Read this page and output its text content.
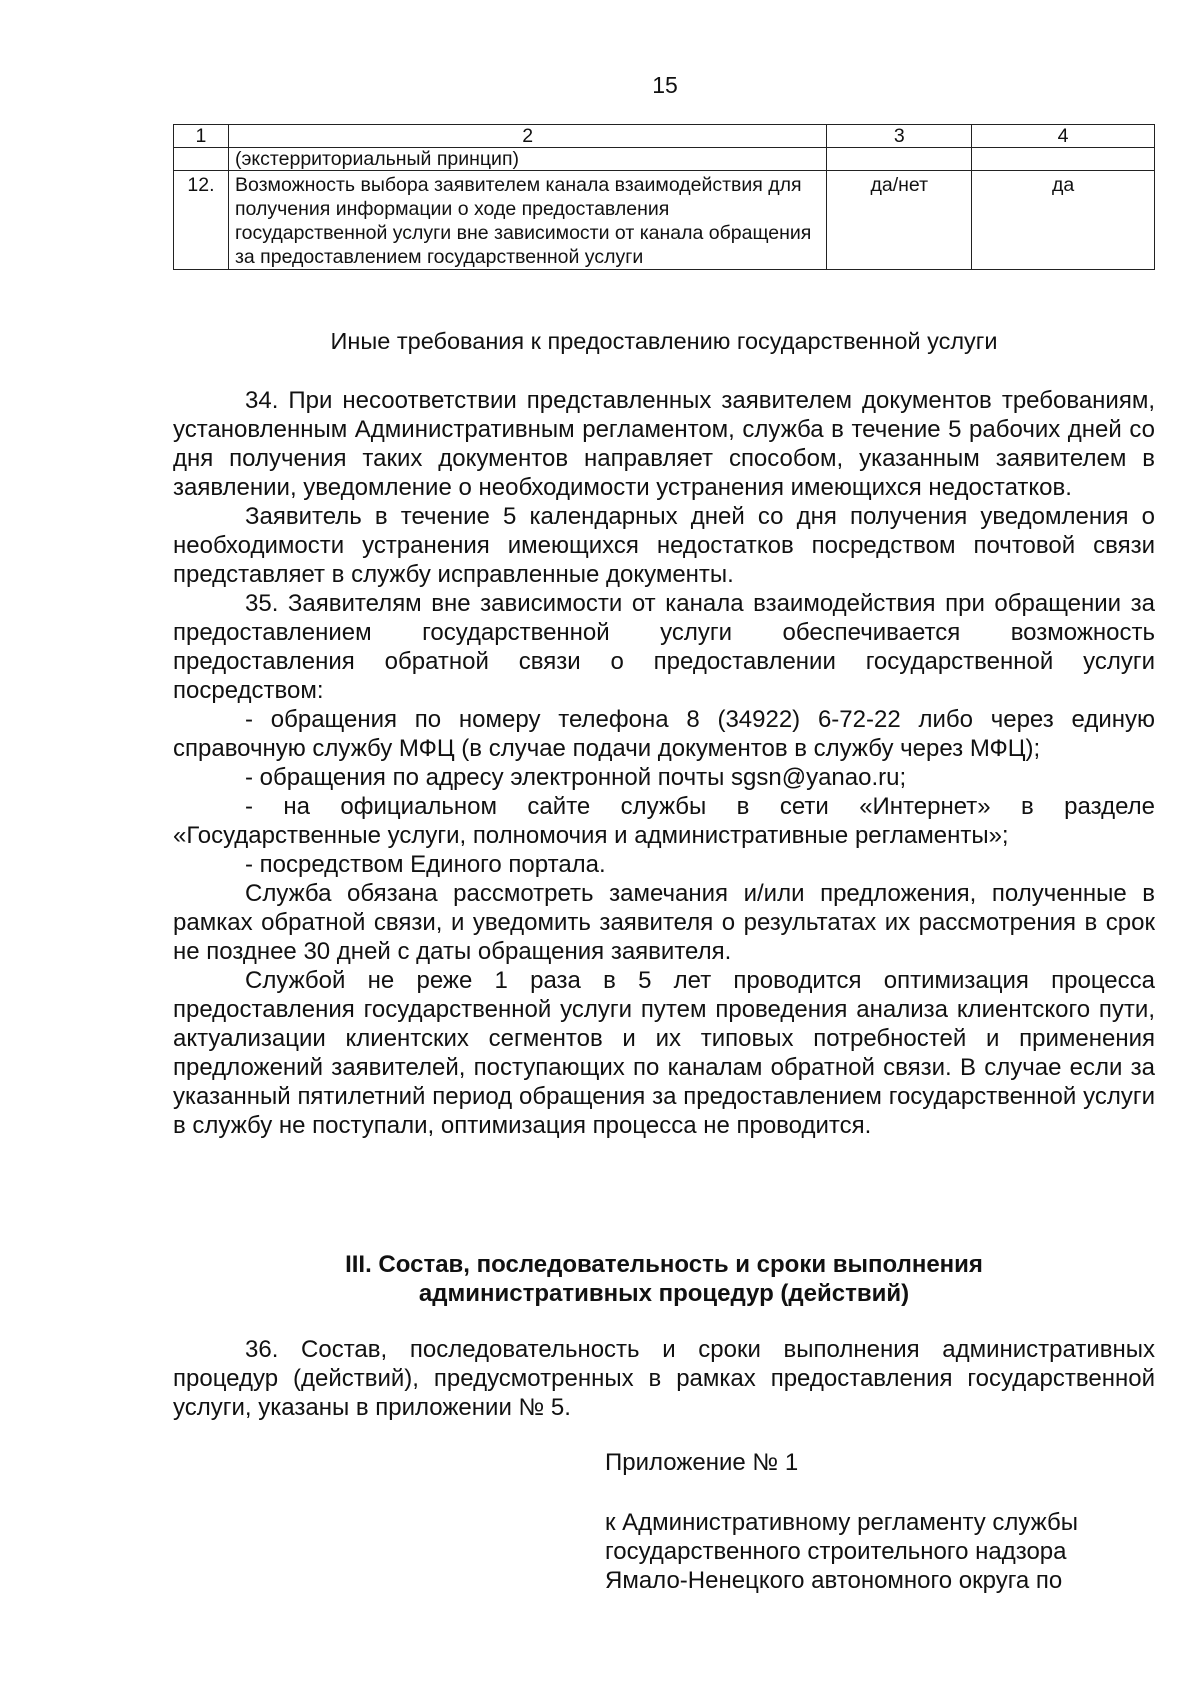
15
1	2	3	4
	(экстерриториальный принцип)		
12.	Возможность выбора заявителем канала взаимодействия для получения информации о ходе предоставления государственной услуги вне зависимости от канала обращения за предоставлением государственной услуги	да/нет	да
Иные требования к предоставлению государственной услуги

34. При несоответствии представленных заявителем документов требованиям, установленным Административным регламентом, служба в течение 5 рабочих дней со дня получения таких документов направляет способом, указанным заявителем в заявлении, уведомление о необходимости устранения имеющихся недостатков.

Заявитель в течение 5 календарных дней со дня получения уведомления о необходимости устранения имеющихся недостатков посредством почтовой связи представляет в службу исправленные документы.

35. Заявителям вне зависимости от канала взаимодействия при обращении за предоставлением государственной услуги обеспечивается возможность предоставления обратной связи о предоставлении государственной услуги посредством:

- обращения по номеру телефона 8 (34922) 6-72-22 либо через единую справочную службу МФЦ (в случае подачи документов в службу через МФЦ);

- обращения по адресу электронной почты sgsn@yanao.ru;

- на официальном сайте службы в сети «Интернет» в разделе «Государственные услуги, полномочия и административные регламенты»;

- посредством Единого портала.

Служба обязана рассмотреть замечания и/или предложения, полученные в рамках обратной связи, и уведомить заявителя о результатах их рассмотрения в срок не позднее 30 дней с даты обращения заявителя.

Службой не реже 1 раза в 5 лет проводится оптимизация процесса предоставления государственной услуги путем проведения анализа клиентского пути, актуализации клиентских сегментов и их типовых потребностей и применения предложений заявителей, поступающих по каналам обратной связи. В случае если за указанный пятилетний период обращения за предоставлением государственной услуги в службу не поступали, оптимизация процесса не проводится.

III. Состав, последовательность и сроки выполнения
административных процедур (действий)

36. Состав, последовательность и сроки выполнения административных процедур (действий), предусмотренных в рамках предоставления государственной услуги, указаны в приложении № 5.

Приложение № 1
к Административному регламенту службы
государственного строительного надзора
Ямало-Ненецкого автономного округа по
